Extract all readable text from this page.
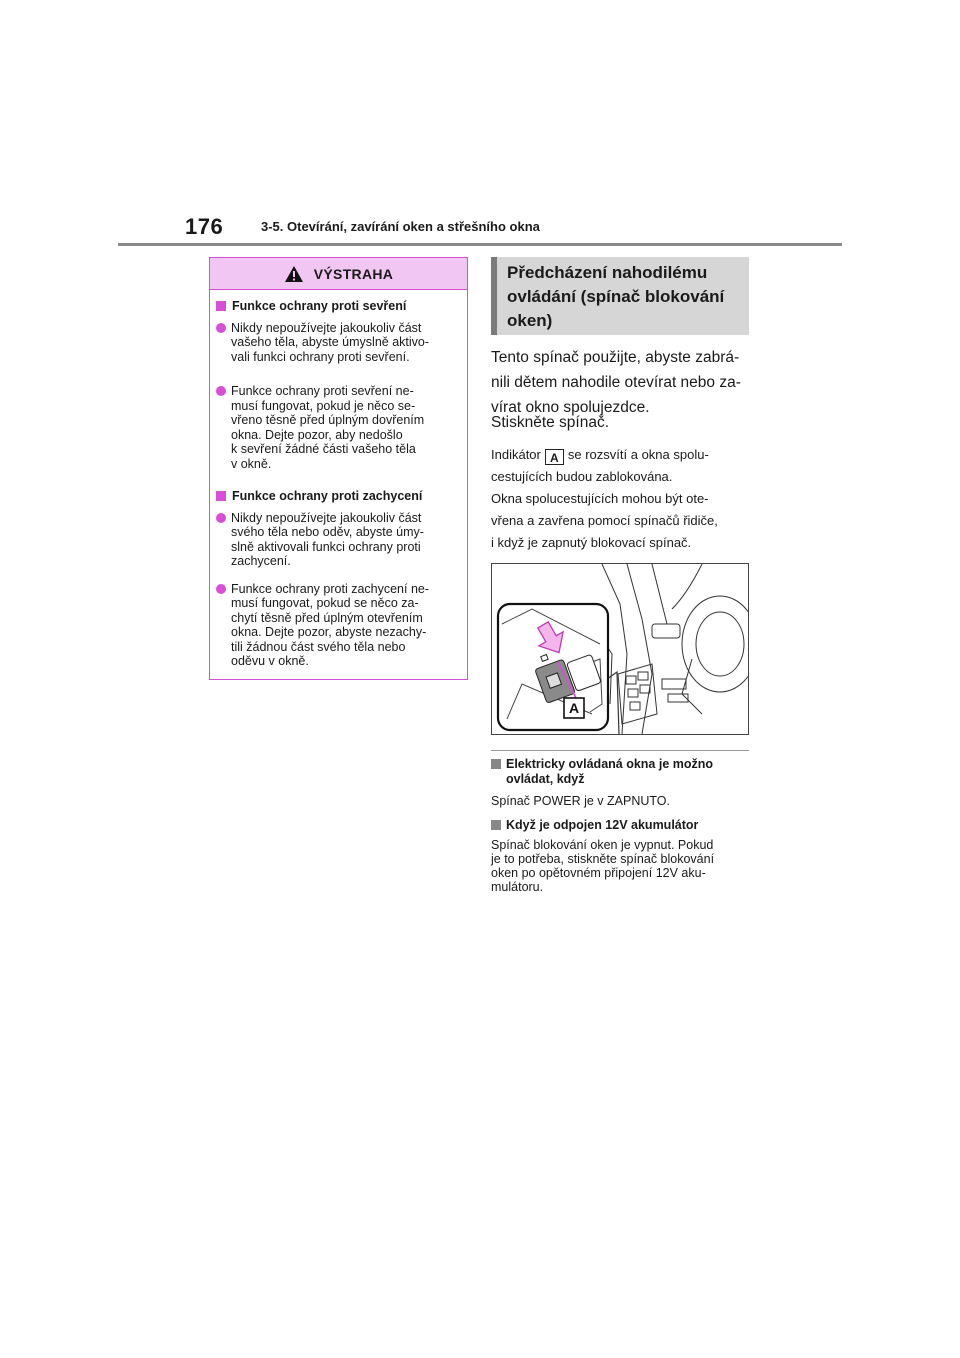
176	3-5. Otevírání, zavírání oken a střešního okna
VÝSTRAHA
Funkce ochrany proti sevření
Nikdy nepoužívejte jakoukoliv část
vašeho těla, abyste úmyslně aktivo-
vali funkci ochrany proti sevření.
Funkce ochrany proti sevření ne-
musí fungovat, pokud je něco se-
vřeno těsně před úplným dovřením
okna. Dejte pozor, aby nedošlo
k sevření žádné části vašeho těla
v okně.
Funkce ochrany proti zachycení
Nikdy nepoužívejte jakoukoliv část
svého těla nebo oděv, abyste úmy-
slně aktivovali funkci ochrany proti
zachycení.
Funkce ochrany proti zachycení ne-
musí fungovat, pokud se něco za-
chytí těsně před úplným otevřením
okna. Dejte pozor, abyste nezachy-
tili žádnou část svého těla nebo
oděvu v okně.
Předcházení nahodilému ovládání (spínač blokování oken)
Tento spínač použijte, abyste zabrá-
nili dětem nahodile otevírat nebo za-
vírat okno spolujezdce.
Stiskněte spínač.
Indikátor A se rozsvítí a okna spolu-
cestujících budou zablokována.
Okna spolucestujících mohou být ote-
vřena a zavřena pomocí spínačů řidiče,
i když je zapnutý blokovací spínač.
A
Elektricky ovládaná okna je možno
ovládat, když
Spínač POWER je v ZAPNUTO.
Když je odpojen 12V akumulátor
Spínač blokování oken je vypnut. Pokud
je to potřeba, stiskněte spínač blokování
oken po opětovném připojení 12V aku-
mulátoru.
